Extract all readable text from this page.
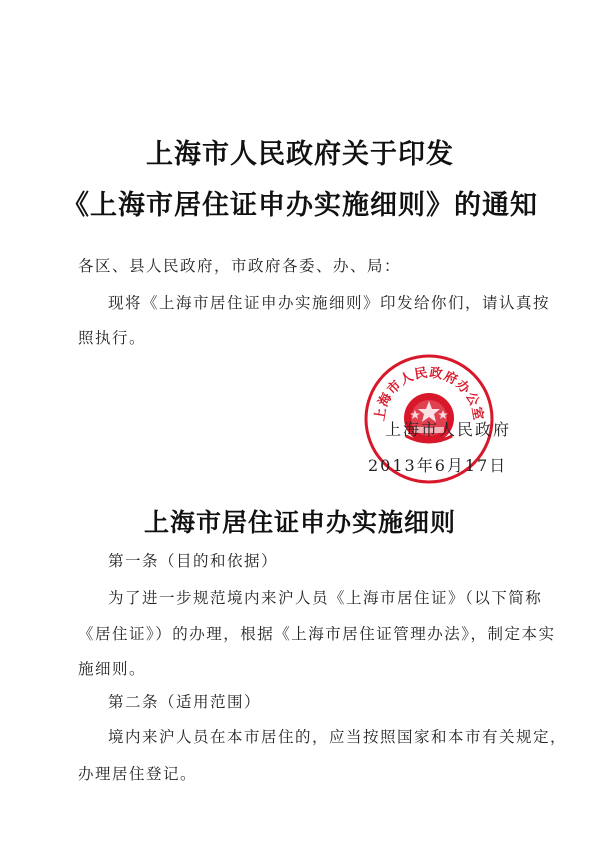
上海市人民政府关于印发
《上海市居住证申办实施细则》的通知
各区、县人民政府，市政府各委、办、局：
现将《上海市居住证申办实施细则》印发给你们，请认真按
照执行。
上海市人民政府办公室
上海市人民政府
2013年6月17日
上海市居住证申办实施细则
第一条（目的和依据）
为了进一步规范境内来沪人员《上海市居住证》（以下简称
《居住证》）的办理，根据《上海市居住证管理办法》，制定本实
施细则。
第二条（适用范围）
境内来沪人员在本市居住的，应当按照国家和本市有关规定，
办理居住登记。
